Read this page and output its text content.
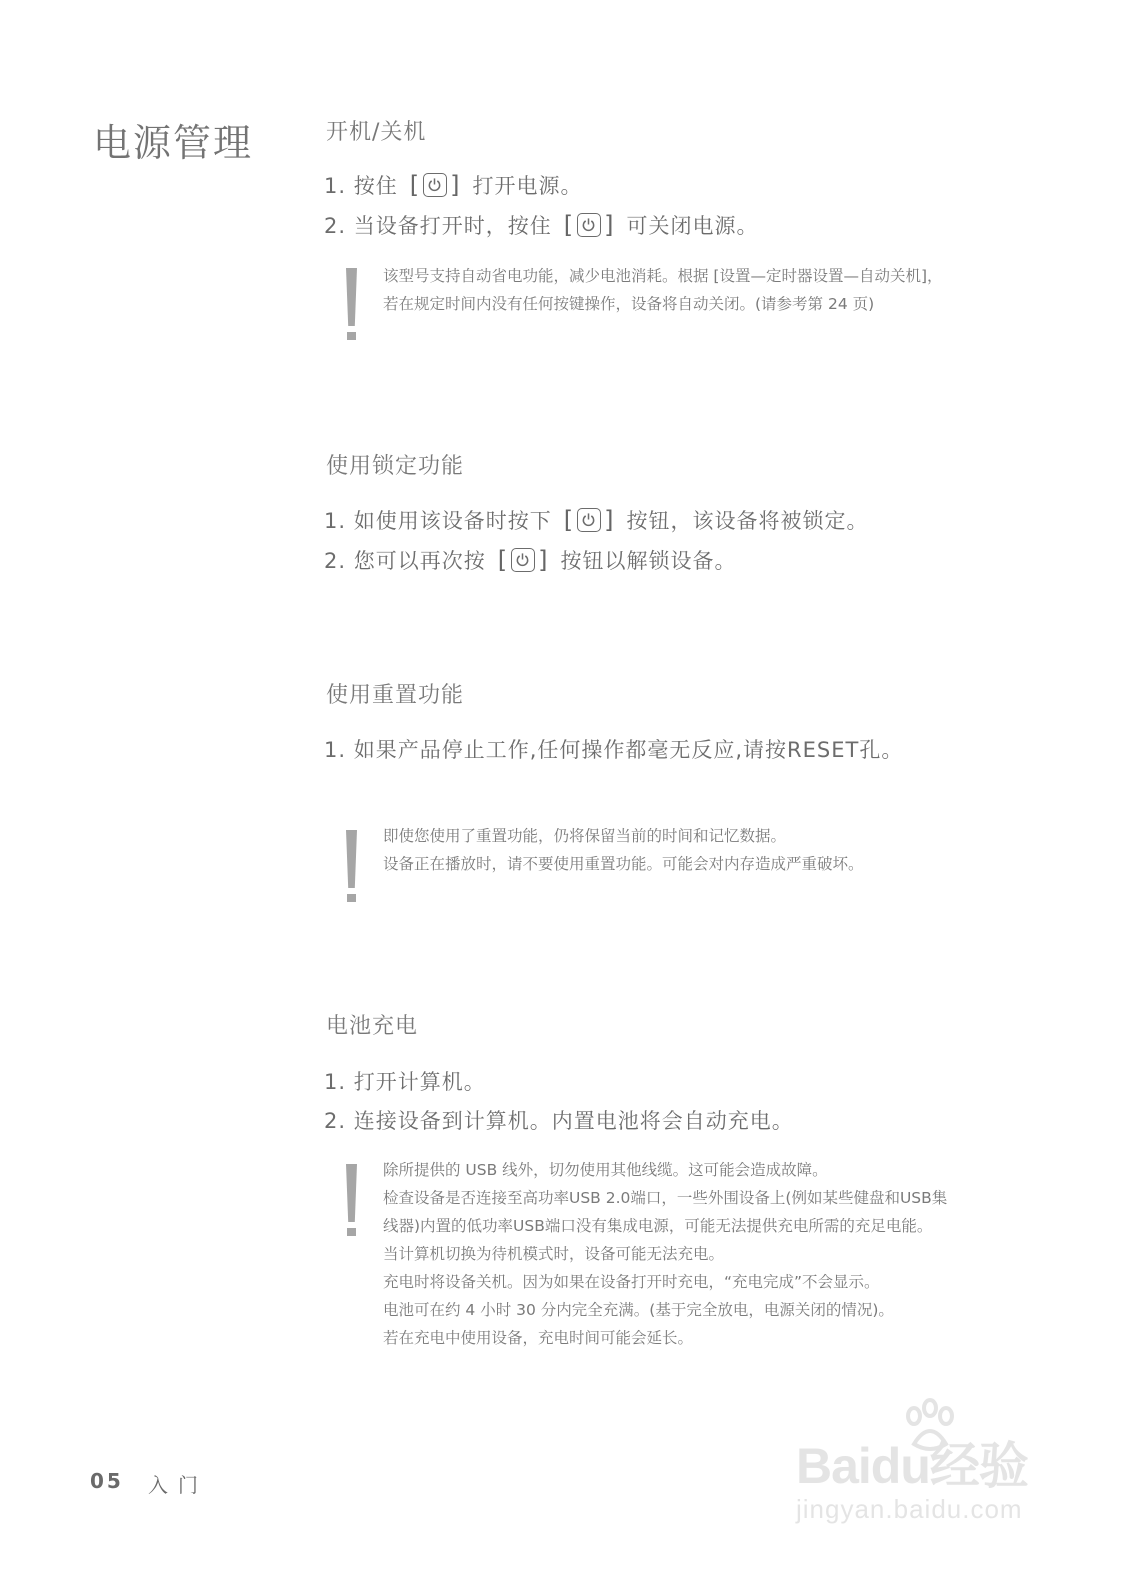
电源管理	开机/关机
1. 按住 [ ] 打开电源。
2. 当设备打开时，按住 [ ] 可关闭电源。
该型号支持自动省电功能，减少电池消耗。根据 [设置—定时器设置—自动关机]，
若在规定时间内没有任何按键操作，设备将自动关闭。(请参考第 24 页)
使用锁定功能
1. 如使用该设备时按下 [ ] 按钮，该设备将被锁定。
2. 您可以再次按 [ ] 按钮以解锁设备。
使用重置功能
1. 如果产品停止工作,任何操作都毫无反应,请按RESET孔。
即使您使用了重置功能，仍将保留当前的时间和记忆数据。
设备正在播放时，请不要使用重置功能。可能会对内存造成严重破坏。
电池充电
1. 打开计算机。
2. 连接设备到计算机。内置电池将会自动充电。
除所提供的 USB 线外，切勿使用其他线缆。这可能会造成故障。
检查设备是否连接至高功率USB 2.0端口，一些外围设备上(例如某些健盘和USB集
线器)内置的低功率USB端口没有集成电源，可能无法提供充电所需的充足电能。
当计算机切换为待机模式时，设备可能无法充电。
充电时将设备关机。因为如果在设备打开时充电，“充电完成”不会显示。
电池可在约 4 小时 30 分内完全充满。(基于完全放电，电源关闭的情况)。
若在充电中使用设备，充电时间可能会延长。
05 入门	Baidu经验
jingyan.baidu.com
